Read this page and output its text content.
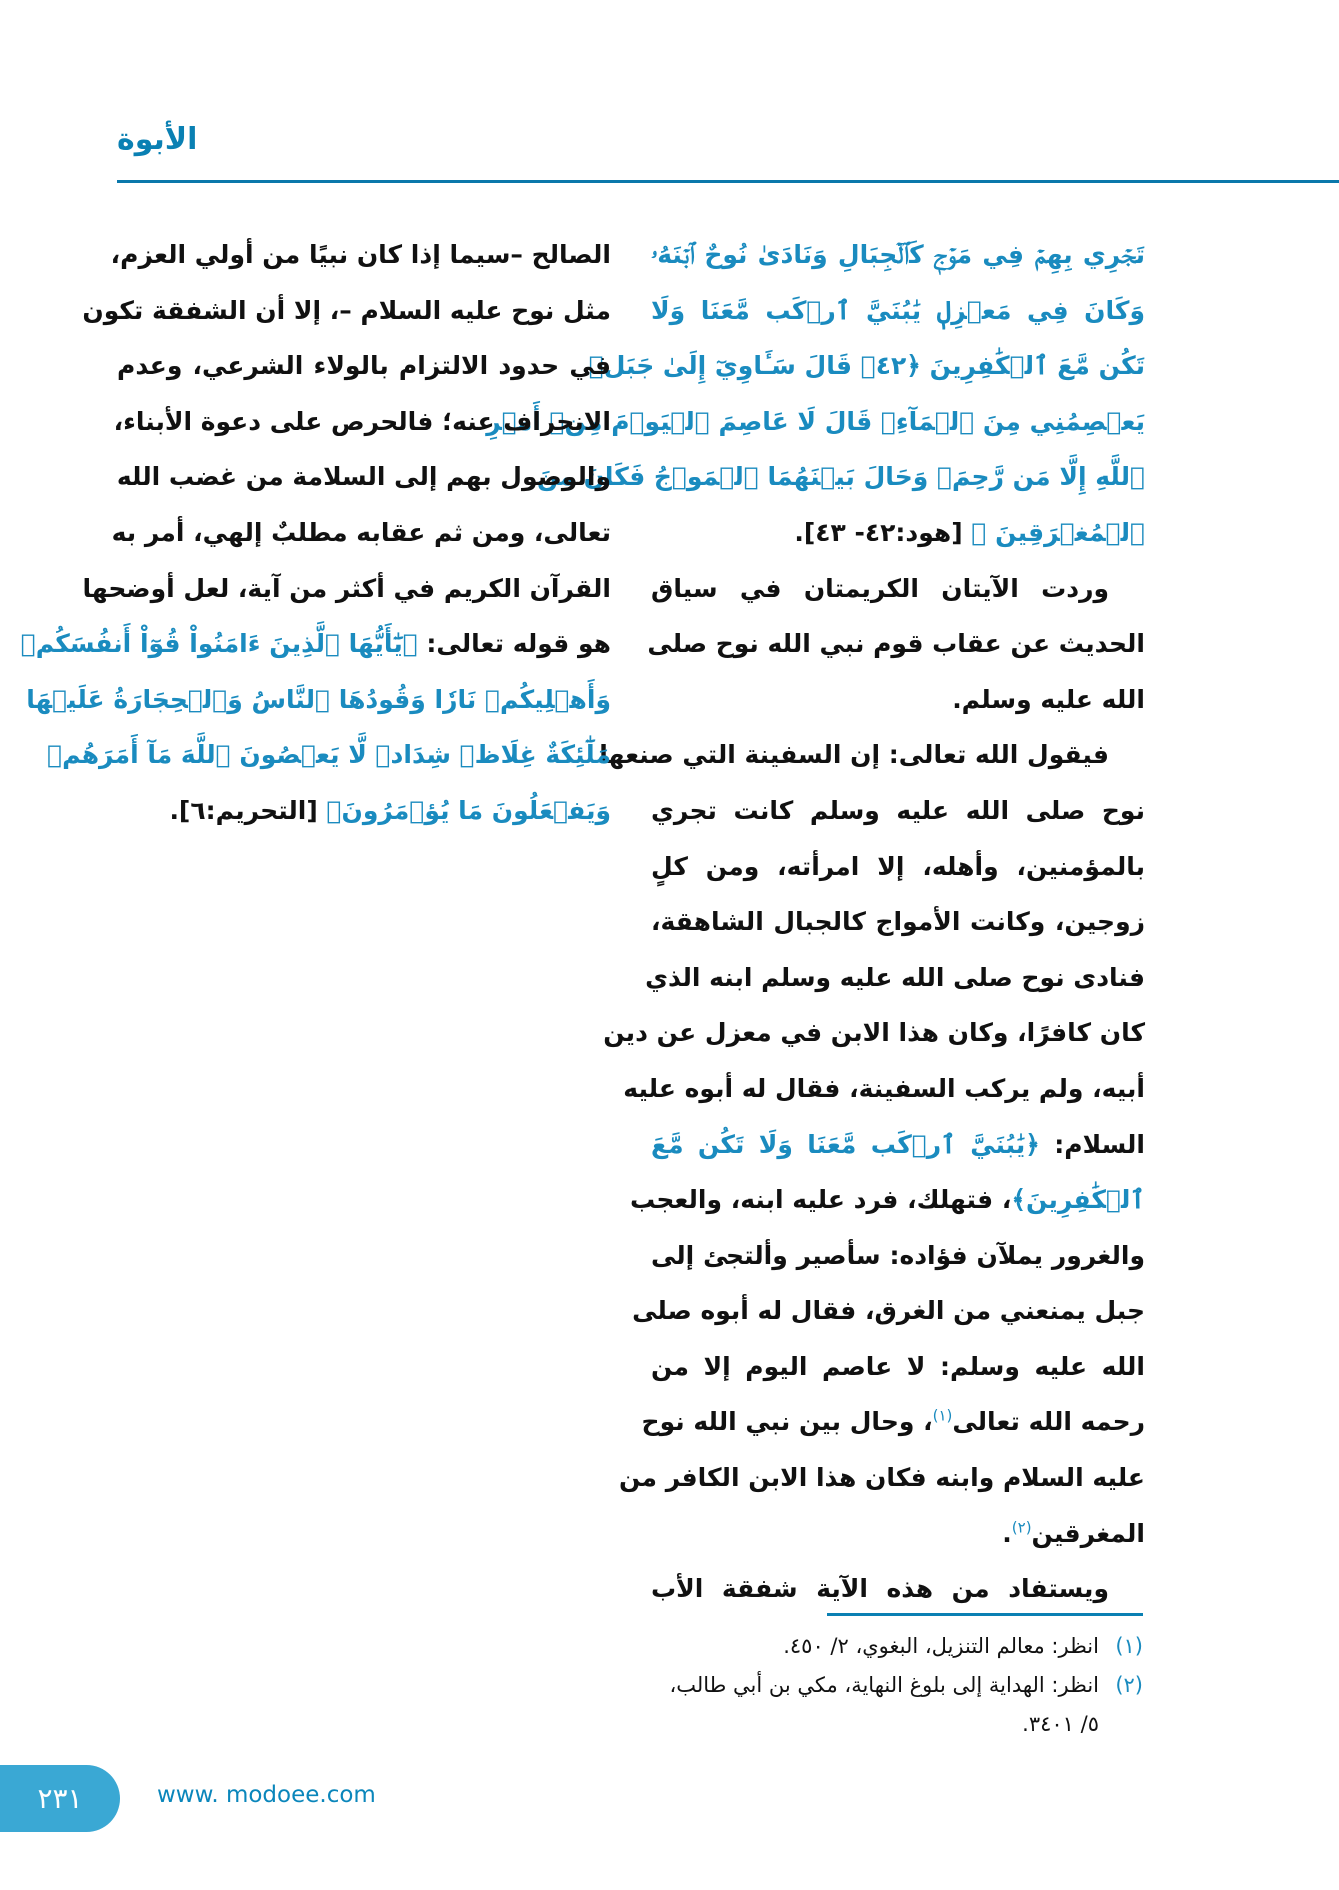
الأبوة
تَجۡرِي بِهِمۡ فِي مَوۡجٖ كَٱلۡجِبَالِ وَنَادَىٰ نُوحٌ ٱبۡنَهُۥ
وَكَانَ فِي مَعۡزِلٖ يَٰبُنَيَّ ٱرۡكَب مَّعَنَا وَلَا
تَكُن مَّعَ ٱلۡكَٰفِرِينَ ﴿٤٢﴾ قَالَ سَـَٔاوِيٓ إِلَىٰ جَبَلٖ
يَعۡصِمُنِي مِنَ ٱلۡمَآءِۚ قَالَ لَا عَاصِمَ ٱلۡيَوۡمَ مِنۡ أَمۡرِ
ٱللَّهِ إِلَّا مَن رَّحِمَۚ وَحَالَ بَيۡنَهُمَا ٱلۡمَوۡجُ فَكَانَ مِنَ
ٱلۡمُغۡرَقِينَ ﴾ [هود:٤٢- ٤٣].
وردت الآيتان الكريمتان في سياق
الحديث عن عقاب قوم نبي الله نوح صلى
الله عليه وسلم.
فيقول الله تعالى: إن السفينة التي صنعها
نوح صلى الله عليه وسلم كانت تجري
بالمؤمنين، وأهله، إلا امرأته، ومن كلٍ
زوجين، وكانت الأمواج كالجبال الشاهقة،
فنادى نوح صلى الله عليه وسلم ابنه الذي
كان كافرًا، وكان هذا الابن في معزل عن دين
أبيه، ولم يركب السفينة، فقال له أبوه عليه
السلام: ﴿يَٰبُنَيَّ ٱرۡكَب مَّعَنَا وَلَا تَكُن مَّعَ
ٱلۡكَٰفِرِينَ﴾، فتهلك، فرد عليه ابنه، والعجب
والغرور يملآن فؤاده: سأصير وألتجئ إلى
جبل يمنعني من الغرق، فقال له أبوه صلى
الله عليه وسلم: لا عاصم اليوم إلا من
رحمه الله تعالى$^{(١)}$، وحال بين نبي الله نوح
عليه السلام وابنه فكان هذا الابن الكافر من
المغرقين$^{(٢)}$.
ويستفاد من هذه الآية شفقة الأب
الصالح –سيما إذا كان نبيًا من أولي العزم،
مثل نوح عليه السلام –، إلا أن الشفقة تكون
في حدود الالتزام بالولاء الشرعي، وعدم
الانحراف عنه؛ فالحرص على دعوة الأبناء،
والوصول بهم إلى السلامة من غضب الله
تعالى، ومن ثم عقابه مطلبٌ إلهي، أمر به
القرآن الكريم في أكثر من آية، لعل أوضحها
هو قوله تعالى: ﴿يَٰٓأَيُّهَا ٱلَّذِينَ ءَامَنُواْ قُوٓاْ أَنفُسَكُمۡ
وَأَهۡلِيكُمۡ نَارٗا وَقُودُهَا ٱلنَّاسُ وَٱلۡحِجَارَةُ عَلَيۡهَا
مَلَٰٓئِكَةٌ غِلَاظٞ شِدَادٞ لَّا يَعۡصُونَ ٱللَّهَ مَآ أَمَرَهُمۡ
وَيَفۡعَلُونَ مَا يُؤۡمَرُونَ﴾ [التحريم:٦].
(١)
انظر: معالم التنزيل، البغوي، ٢/ ٤٥٠.
(٢)
انظر: الهداية إلى بلوغ النهاية، مكي بن أبي طالب، ٥/ ٣٤٠١.
٢٣١	www. modoee.com
